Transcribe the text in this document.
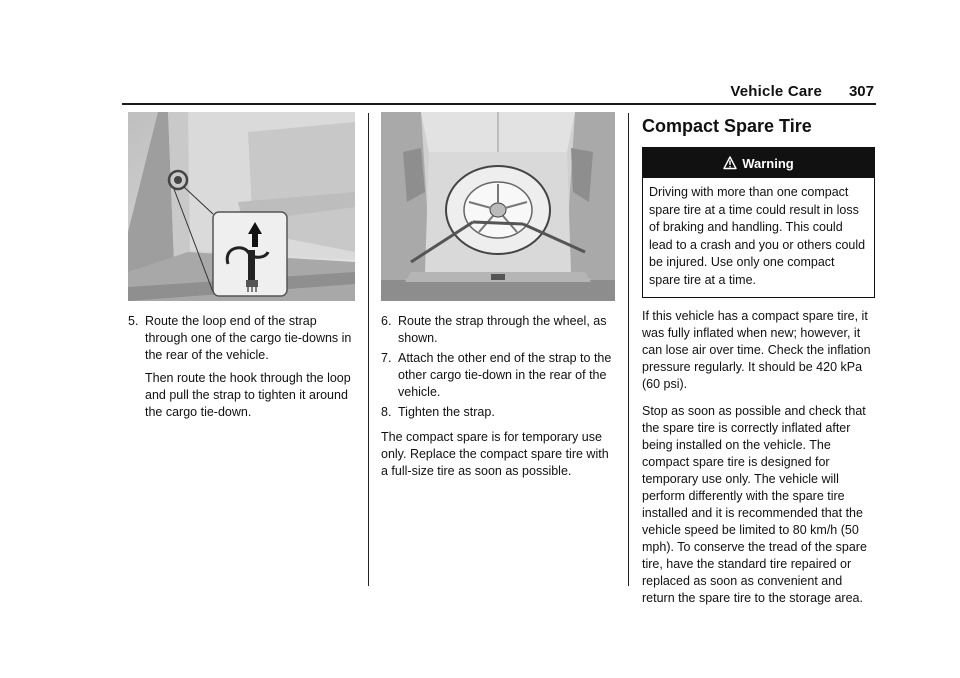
Vehicle Care 307
5. Route the loop end of the strap through one of the cargo tie-downs in the rear of the vehicle.
Then route the hook through the loop and pull the strap to tighten it around the cargo tie-down.
6. Route the strap through the wheel, as shown.
7. Attach the other end of the strap to the other cargo tie-down in the rear of the vehicle.
8. Tighten the strap.

The compact spare is for temporary use only. Replace the compact spare tire with a full-size tire as soon as possible.

Compact Spare Tire
Warning
Driving with more than one compact spare tire at a time could result in loss of braking and handling. This could lead to a crash and you or others could be injured. Use only one compact spare tire at a time.

If this vehicle has a compact spare tire, it was fully inflated when new; however, it can lose air over time. Check the inflation pressure regularly. It should be 420 kPa (60 psi).

Stop as soon as possible and check that the spare tire is correctly inflated after being installed on the vehicle. The compact spare tire is designed for temporary use only. The vehicle will perform differently with the spare tire installed and it is recommended that the vehicle speed be limited to 80 km/h (50 mph). To conserve the tread of the spare tire, have the standard tire repaired or replaced as soon as convenient and return the spare tire to the storage area.
